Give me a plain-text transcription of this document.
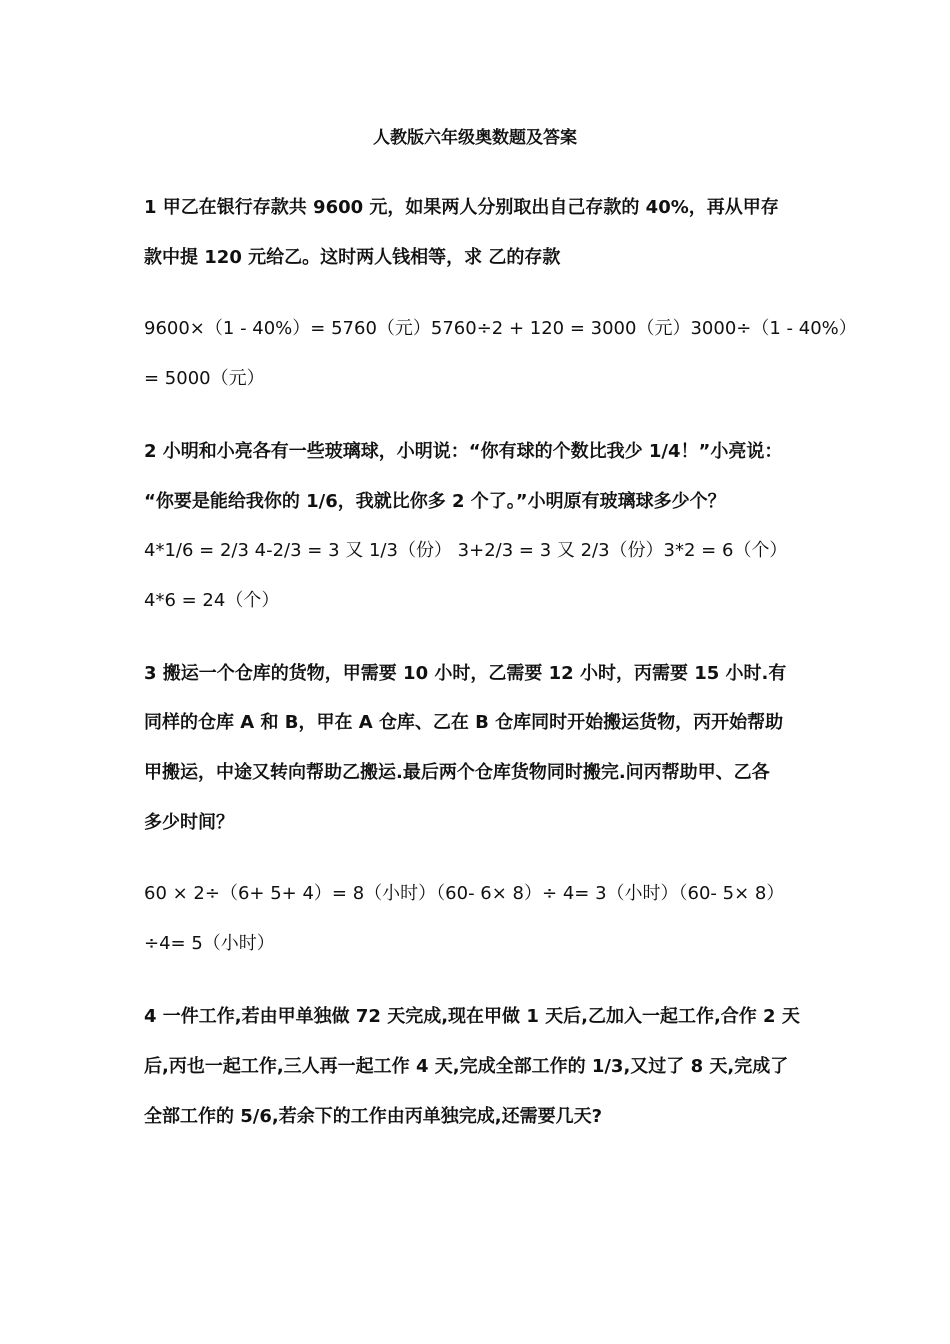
人教版六年级奥数题及答案
1 甲乙在银行存款共 9600 元，如果两人分别取出自己存款的 40%，再从甲存
款中提 120 元给乙。这时两人钱相等，求 乙的存款
9600×（1 - 40%）= 5760（元）5760÷2 + 120 = 3000（元）3000÷（1 - 40%）
= 5000（元）
2 小明和小亮各有一些玻璃球，小明说：“你有球的个数比我少 1/4！”小亮说：
“你要是能给我你的 1/6，我就比你多 2 个了。”小明原有玻璃球多少个？
4*1/6 = 2/3 4-2/3 = 3 又 1/3（份） 3+2/3 = 3 又 2/3（份）3*2 = 6（个）
4*6 = 24（个）
3 搬运一个仓库的货物，甲需要 10 小时，乙需要 12 小时，丙需要 15 小时.有
同样的仓库 A 和 B，甲在 A 仓库、乙在 B 仓库同时开始搬运货物，丙开始帮助
甲搬运，中途又转向帮助乙搬运.最后两个仓库货物同时搬完.问丙帮助甲、乙各
多少时间？
60 × 2÷（6+ 5+ 4）= 8（小时）（60- 6× 8）÷ 4= 3（小时）（60- 5× 8）
÷4= 5（小时）
4 一件工作,若由甲单独做 72 天完成,现在甲做 1 天后,乙加入一起工作,合作 2 天
后,丙也一起工作,三人再一起工作 4 天,完成全部工作的 1/3,又过了 8 天,完成了
全部工作的 5/6,若余下的工作由丙单独完成,还需要几天?
